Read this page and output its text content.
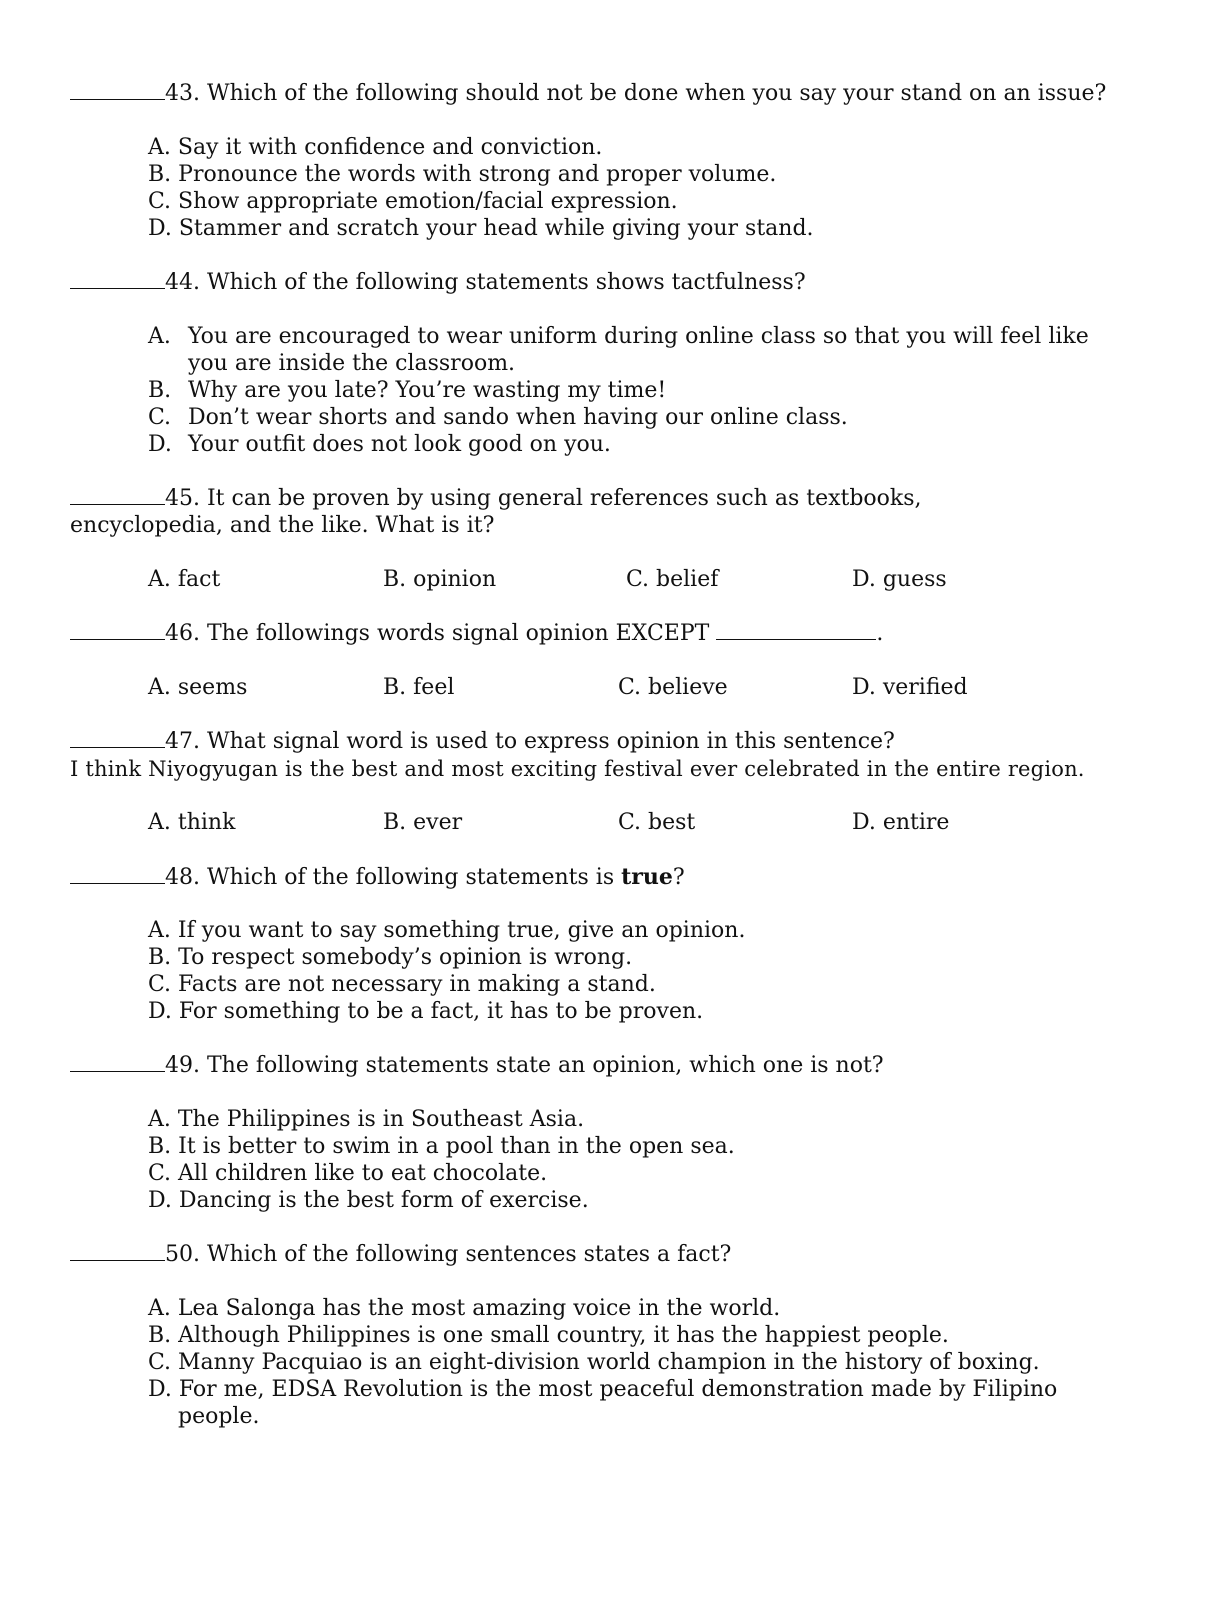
43. Which of the following should not be done when you say your stand on an issue?
A. Say it with confidence and conviction.
B. Pronounce the words with strong and proper volume.
C. Show appropriate emotion/facial expression.
D. Stammer and scratch your head while giving your stand.
44. Which of the following statements shows tactfulness?
A. You are encouraged to wear uniform during online class so that you will feel like
you are inside the classroom.
B. Why are you late? You’re wasting my time!
C. Don’t wear shorts and sando when having our online class.
D. Your outfit does not look good on you.
45. It can be proven by using general references such as textbooks,
encyclopedia, and the like. What is it?
A. fact	B. opinion	C. belief	D. guess
46. The followings words signal opinion EXCEPT	.
A. seems	B. feel	C. believe	D. verified
47. What signal word is used to express opinion in this sentence?
I think Niyogyugan is the best and most exciting festival ever celebrated in the entire region.
A. think	B. ever	C. best	D. entire
48. Which of the following statements is true?
A. If you want to say something true, give an opinion.
B. To respect somebody’s opinion is wrong.
C. Facts are not necessary in making a stand.
D. For something to be a fact, it has to be proven.
49. The following statements state an opinion, which one is not?
A. The Philippines is in Southeast Asia.
B. It is better to swim in a pool than in the open sea.
C. All children like to eat chocolate.
D. Dancing is the best form of exercise.
50. Which of the following sentences states a fact?
A. Lea Salonga has the most amazing voice in the world.
B. Although Philippines is one small country, it has the happiest people.
C. Manny Pacquiao is an eight-division world champion in the history of boxing.
D. For me, EDSA Revolution is the most peaceful demonstration made by Filipino
people.
